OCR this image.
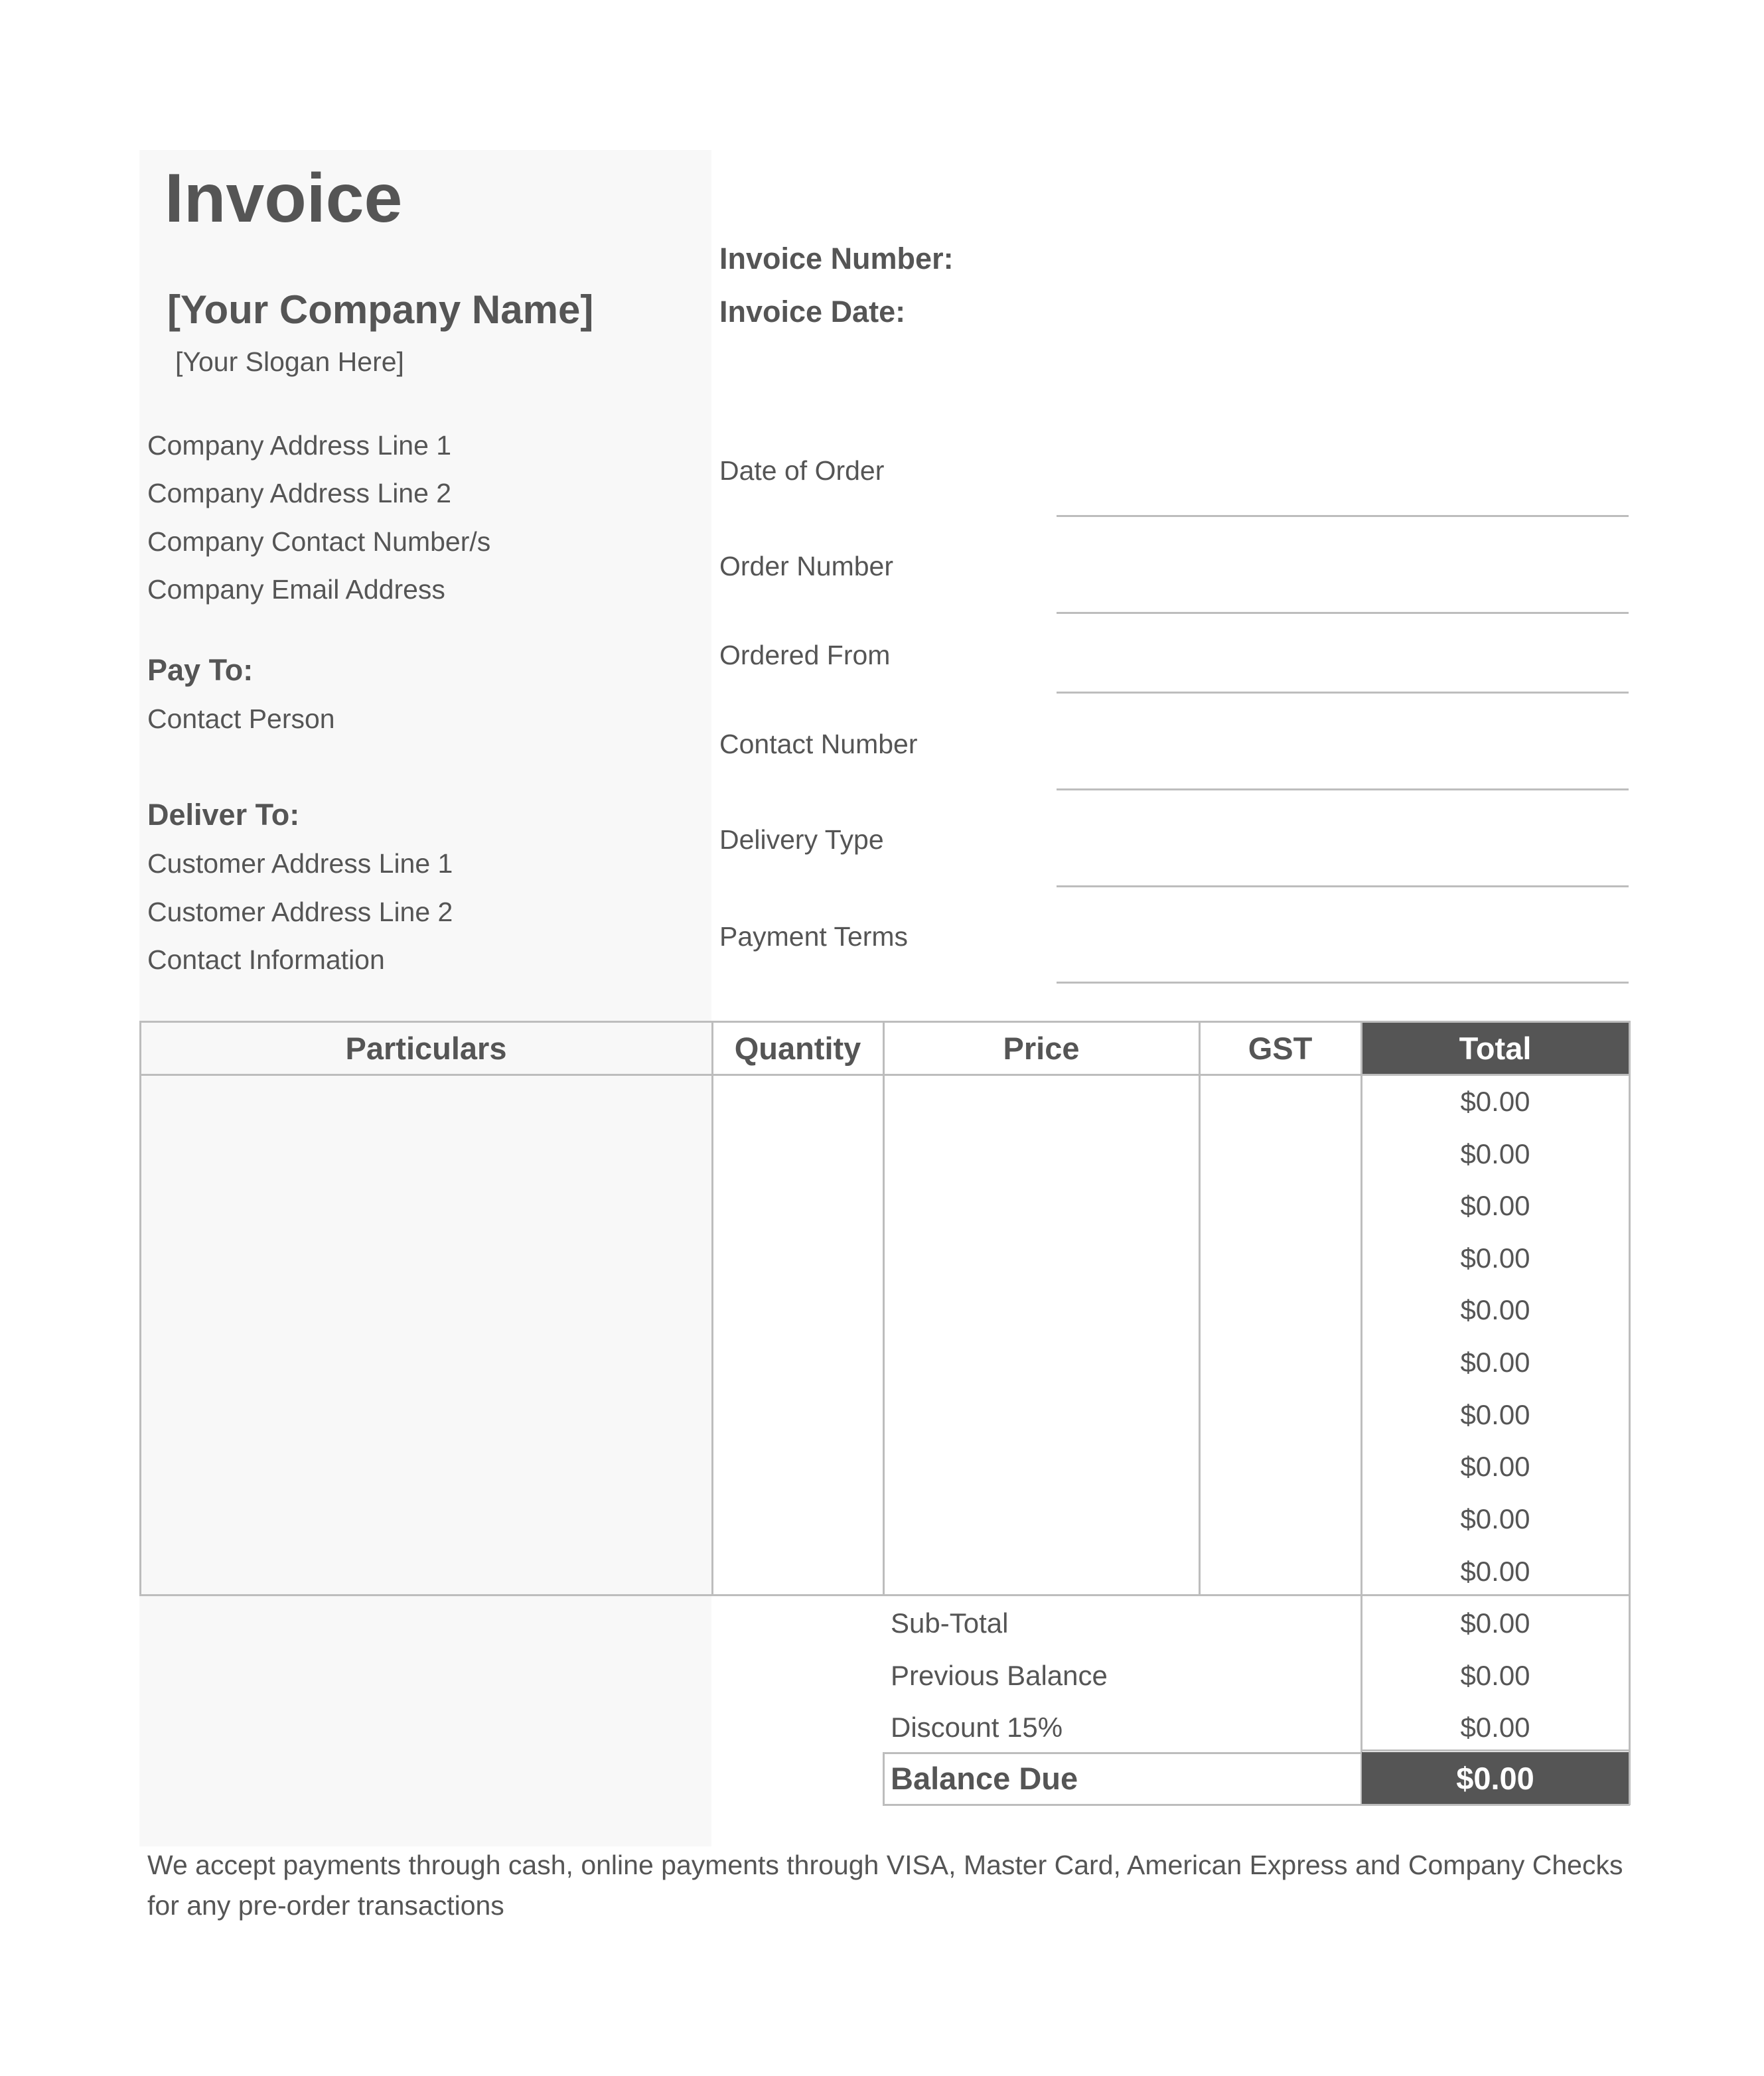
Invoice
[Your Company Name]
[Your Slogan Here]
Company Address Line 1
Company Address Line 2
Company Contact Number/s
Company Email Address
Pay To:
Contact Person
Deliver To:
Customer Address Line 1
Customer Address Line 2
Contact Information
Invoice Number:
Invoice Date:
Date of Order
Order Number
Ordered From
Contact Number
Delivery Type
Payment Terms
Particulars	Quantity	Price	GST	Total
$0.00
$0.00
$0.00
$0.00
$0.00
$0.00
$0.00
$0.00
$0.00
$0.00
Sub-Total	$0.00
Previous Balance	$0.00
Discount 15%	$0.00
Balance Due	$0.00
We accept payments through cash, online payments through VISA, Master Card, American Express and Company Checks for any pre-order transactions
